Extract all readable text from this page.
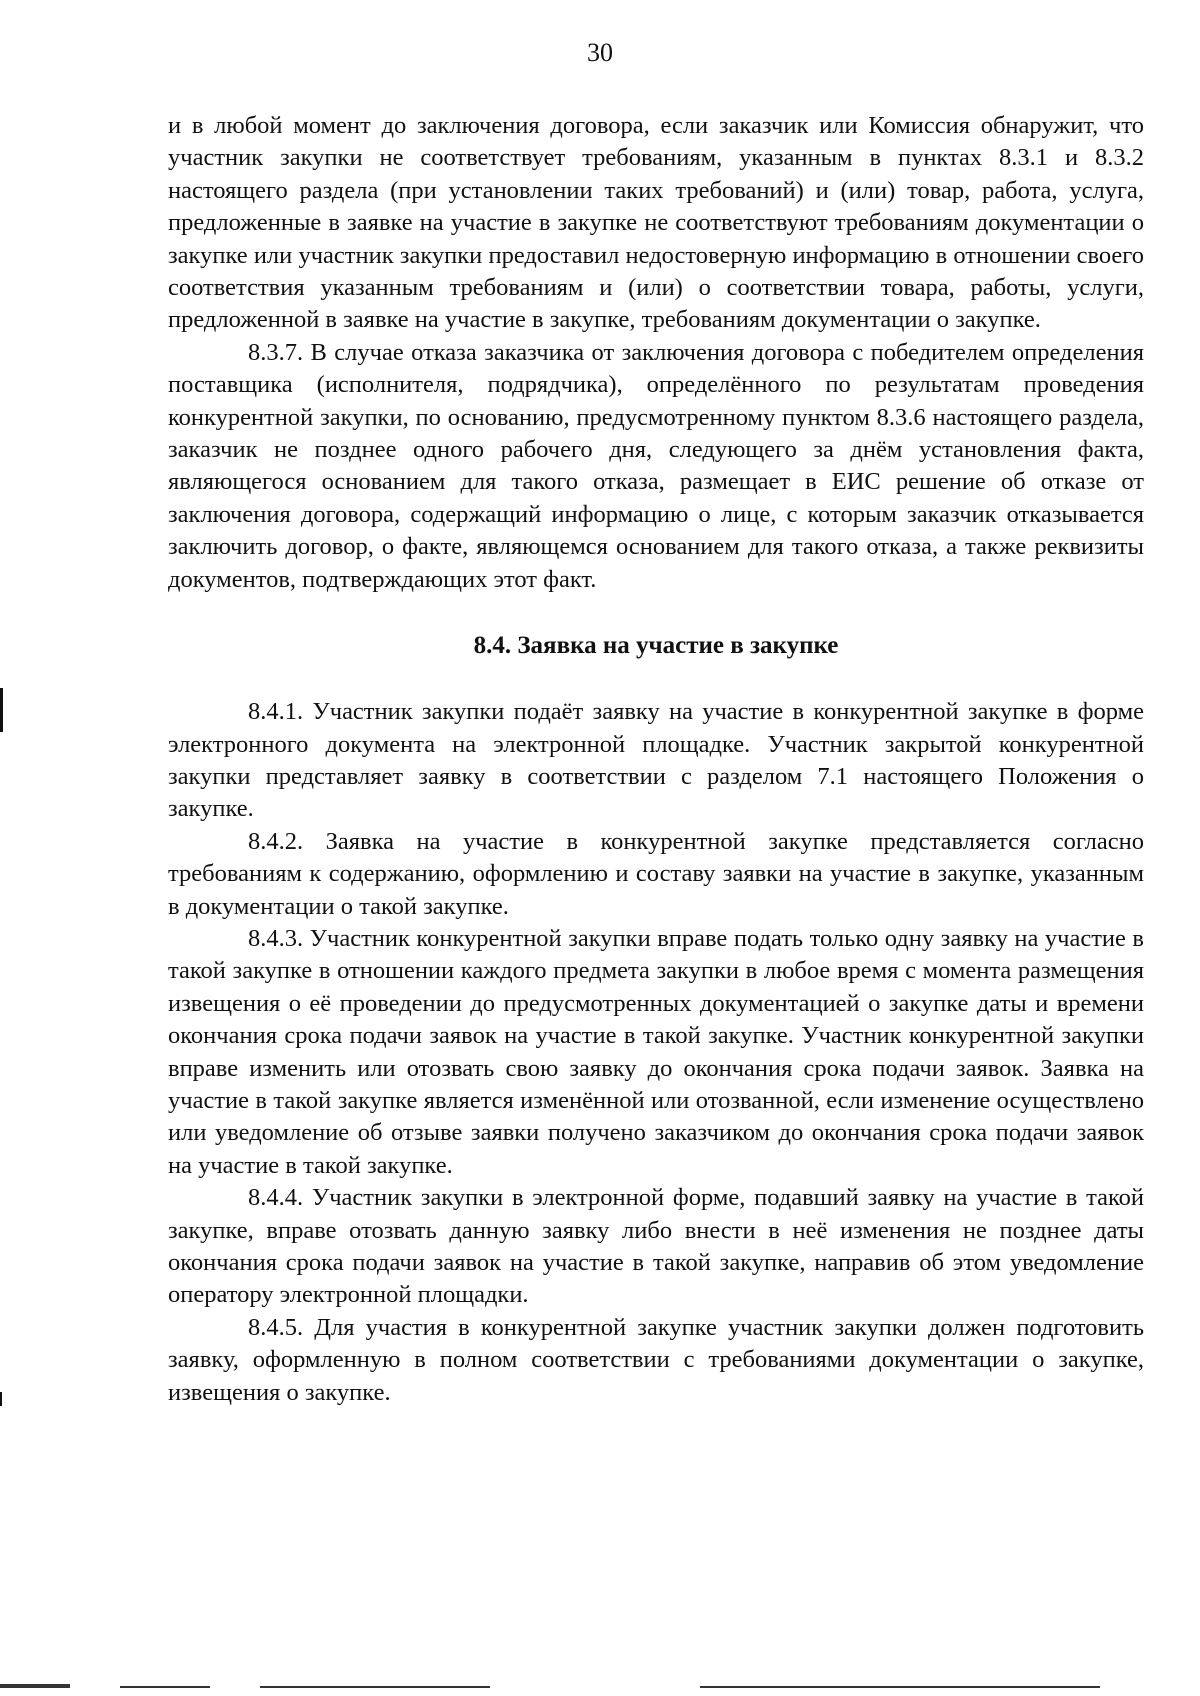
30

и в любой момент до заключения договора, если заказчик или Комиссия обнаружит, что участник закупки не соответствует требованиям, указанным в пунктах 8.3.1 и 8.3.2 настоящего раздела (при установлении таких требований) и (или) товар, работа, услуга, предложенные в заявке на участие в закупке не соответствуют требованиям документации о закупке или участник закупки предоставил недостоверную информацию в отношении своего соответствия указанным требованиям и (или) о соответствии товара, работы, услуги, предложенной в заявке на участие в закупке, требованиям документации о закупке.

8.3.7. В случае отказа заказчика от заключения договора с победителем определения поставщика (исполнителя, подрядчика), определённого по результатам проведения конкурентной закупки, по основанию, предусмотренному пунктом 8.3.6 настоящего раздела, заказчик не позднее одного рабочего дня, следующего за днём установления факта, являющегося основанием для такого отказа, размещает в ЕИС решение об отказе от заключения договора, содержащий информацию о лице, с которым заказчик отказывается заключить договор, о факте, являющемся основанием для такого отказа, а также реквизиты документов, подтверждающих этот факт.

8.4. Заявка на участие в закупке

8.4.1. Участник закупки подаёт заявку на участие в конкурентной закупке в форме электронного документа на электронной площадке. Участник закрытой конкурентной закупки представляет заявку в соответствии с разделом 7.1 настоящего Положения о закупке.

8.4.2. Заявка на участие в конкурентной закупке представляется согласно требованиям к содержанию, оформлению и составу заявки на участие в закупке, указанным в документации о такой закупке.

8.4.3. Участник конкурентной закупки вправе подать только одну заявку на участие в такой закупке в отношении каждого предмета закупки в любое время с момента размещения извещения о её проведении до предусмотренных документацией о закупке даты и времени окончания срока подачи заявок на участие в такой закупке. Участник конкурентной закупки вправе изменить или отозвать свою заявку до окончания срока подачи заявок. Заявка на участие в такой закупке является изменённой или отозванной, если изменение осуществлено или уведомление об отзыве заявки получено заказчиком до окончания срока подачи заявок на участие в такой закупке.

8.4.4. Участник закупки в электронной форме, подавший заявку на участие в такой закупке, вправе отозвать данную заявку либо внести в неё изменения не позднее даты окончания срока подачи заявок на участие в такой закупке, направив об этом уведомление оператору электронной площадки.

8.4.5. Для участия в конкурентной закупке участник закупки должен подготовить заявку, оформленную в полном соответствии с требованиями документации о закупке, извещения о закупке.
